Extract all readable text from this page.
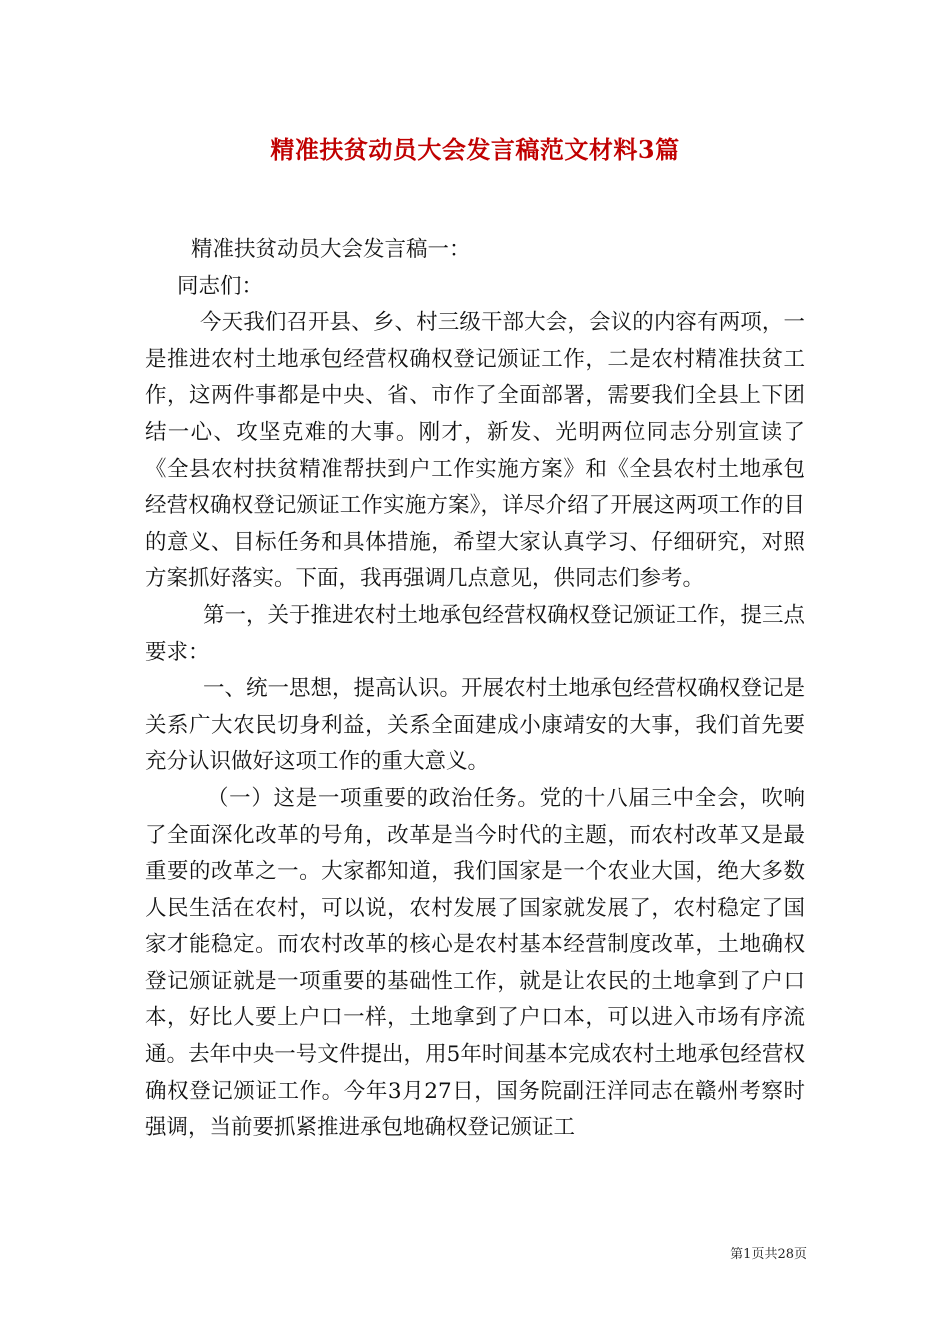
精准扶贫动员大会发言稿范文材料3篇

精准扶贫动员大会发言稿一：

同志们：

今天我们召开县、乡、村三级干部大会，会议的内容有两项，一是推进农村土地承包经营权确权登记颁证工作，二是农村精准扶贫工作，这两件事都是中央、省、市作了全面部署，需要我们全县上下团结一心、攻坚克难的大事。刚才，新发、光明两位同志分别宣读了《全县农村扶贫精准帮扶到户工作实施方案》和《全县农村土地承包经营权确权登记颁证工作实施方案》，详尽介绍了开展这两项工作的目的意义、目标任务和具体措施，希望大家认真学习、仔细研究，对照方案抓好落实。下面，我再强调几点意见，供同志们参考。

第一，关于推进农村土地承包经营权确权登记颁证工作，提三点要求：

一、统一思想，提高认识。开展农村土地承包经营权确权登记是关系广大农民切身利益，关系全面建成小康靖安的大事，我们首先要充分认识做好这项工作的重大意义。

（一）这是一项重要的政治任务。党的十八届三中全会，吹响了全面深化改革的号角，改革是当今时代的主题，而农村改革又是最重要的改革之一。大家都知道，我们国家是一个农业大国，绝大多数人民生活在农村，可以说，农村发展了国家就发展了，农村稳定了国家才能稳定。而农村改革的核心是农村基本经营制度改革，土地确权登记颁证就是一项重要的基础性工作，就是让农民的土地拿到了户口本，好比人要上户口一样，土地拿到了户口本，可以进入市场有序流通。去年中央一号文件提出，用5年时间基本完成农村土地承包经营权确权登记颁证工作。今年3月27日，国务院副汪洋同志在赣州考察时强调，当前要抓紧推进承包地确权登记颁证工

第1页共28页
